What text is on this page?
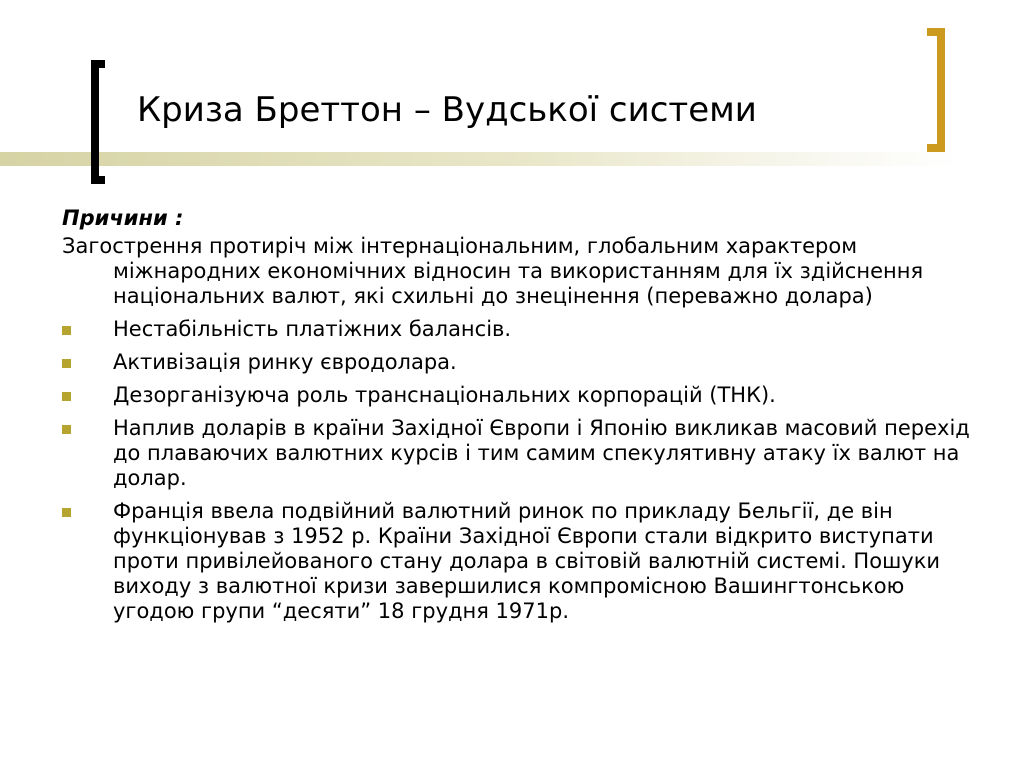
Криза Бреттон – Вудської системи

Причини :

Загострення протиріч між інтернаціональним, глобальним характером міжнародних економічних відносин та використанням для їх здійснення національних валют, які схильні до знецінення (переважно долара)

Нестабільність платіжних балансів.
Активізація ринку євродолара.
Дезорганізуюча роль транснаціональних корпорацій (ТНК).
Наплив доларів в країни Західної Європи і Японію викликав масовий перехід до плаваючих валютних курсів і тим самим спекулятивну атаку їх валют на долар.
Франція ввела подвійний валютний ринок по прикладу Бельгії, де він функціонував з 1952 р. Країни Західної Європи стали відкрито виступати проти привілейованого стану долара в світовій валютній системі. Пошуки виходу з валютної кризи завершилися компромісною Вашингтонською угодою групи “десяти” 18 грудня 1971р.
